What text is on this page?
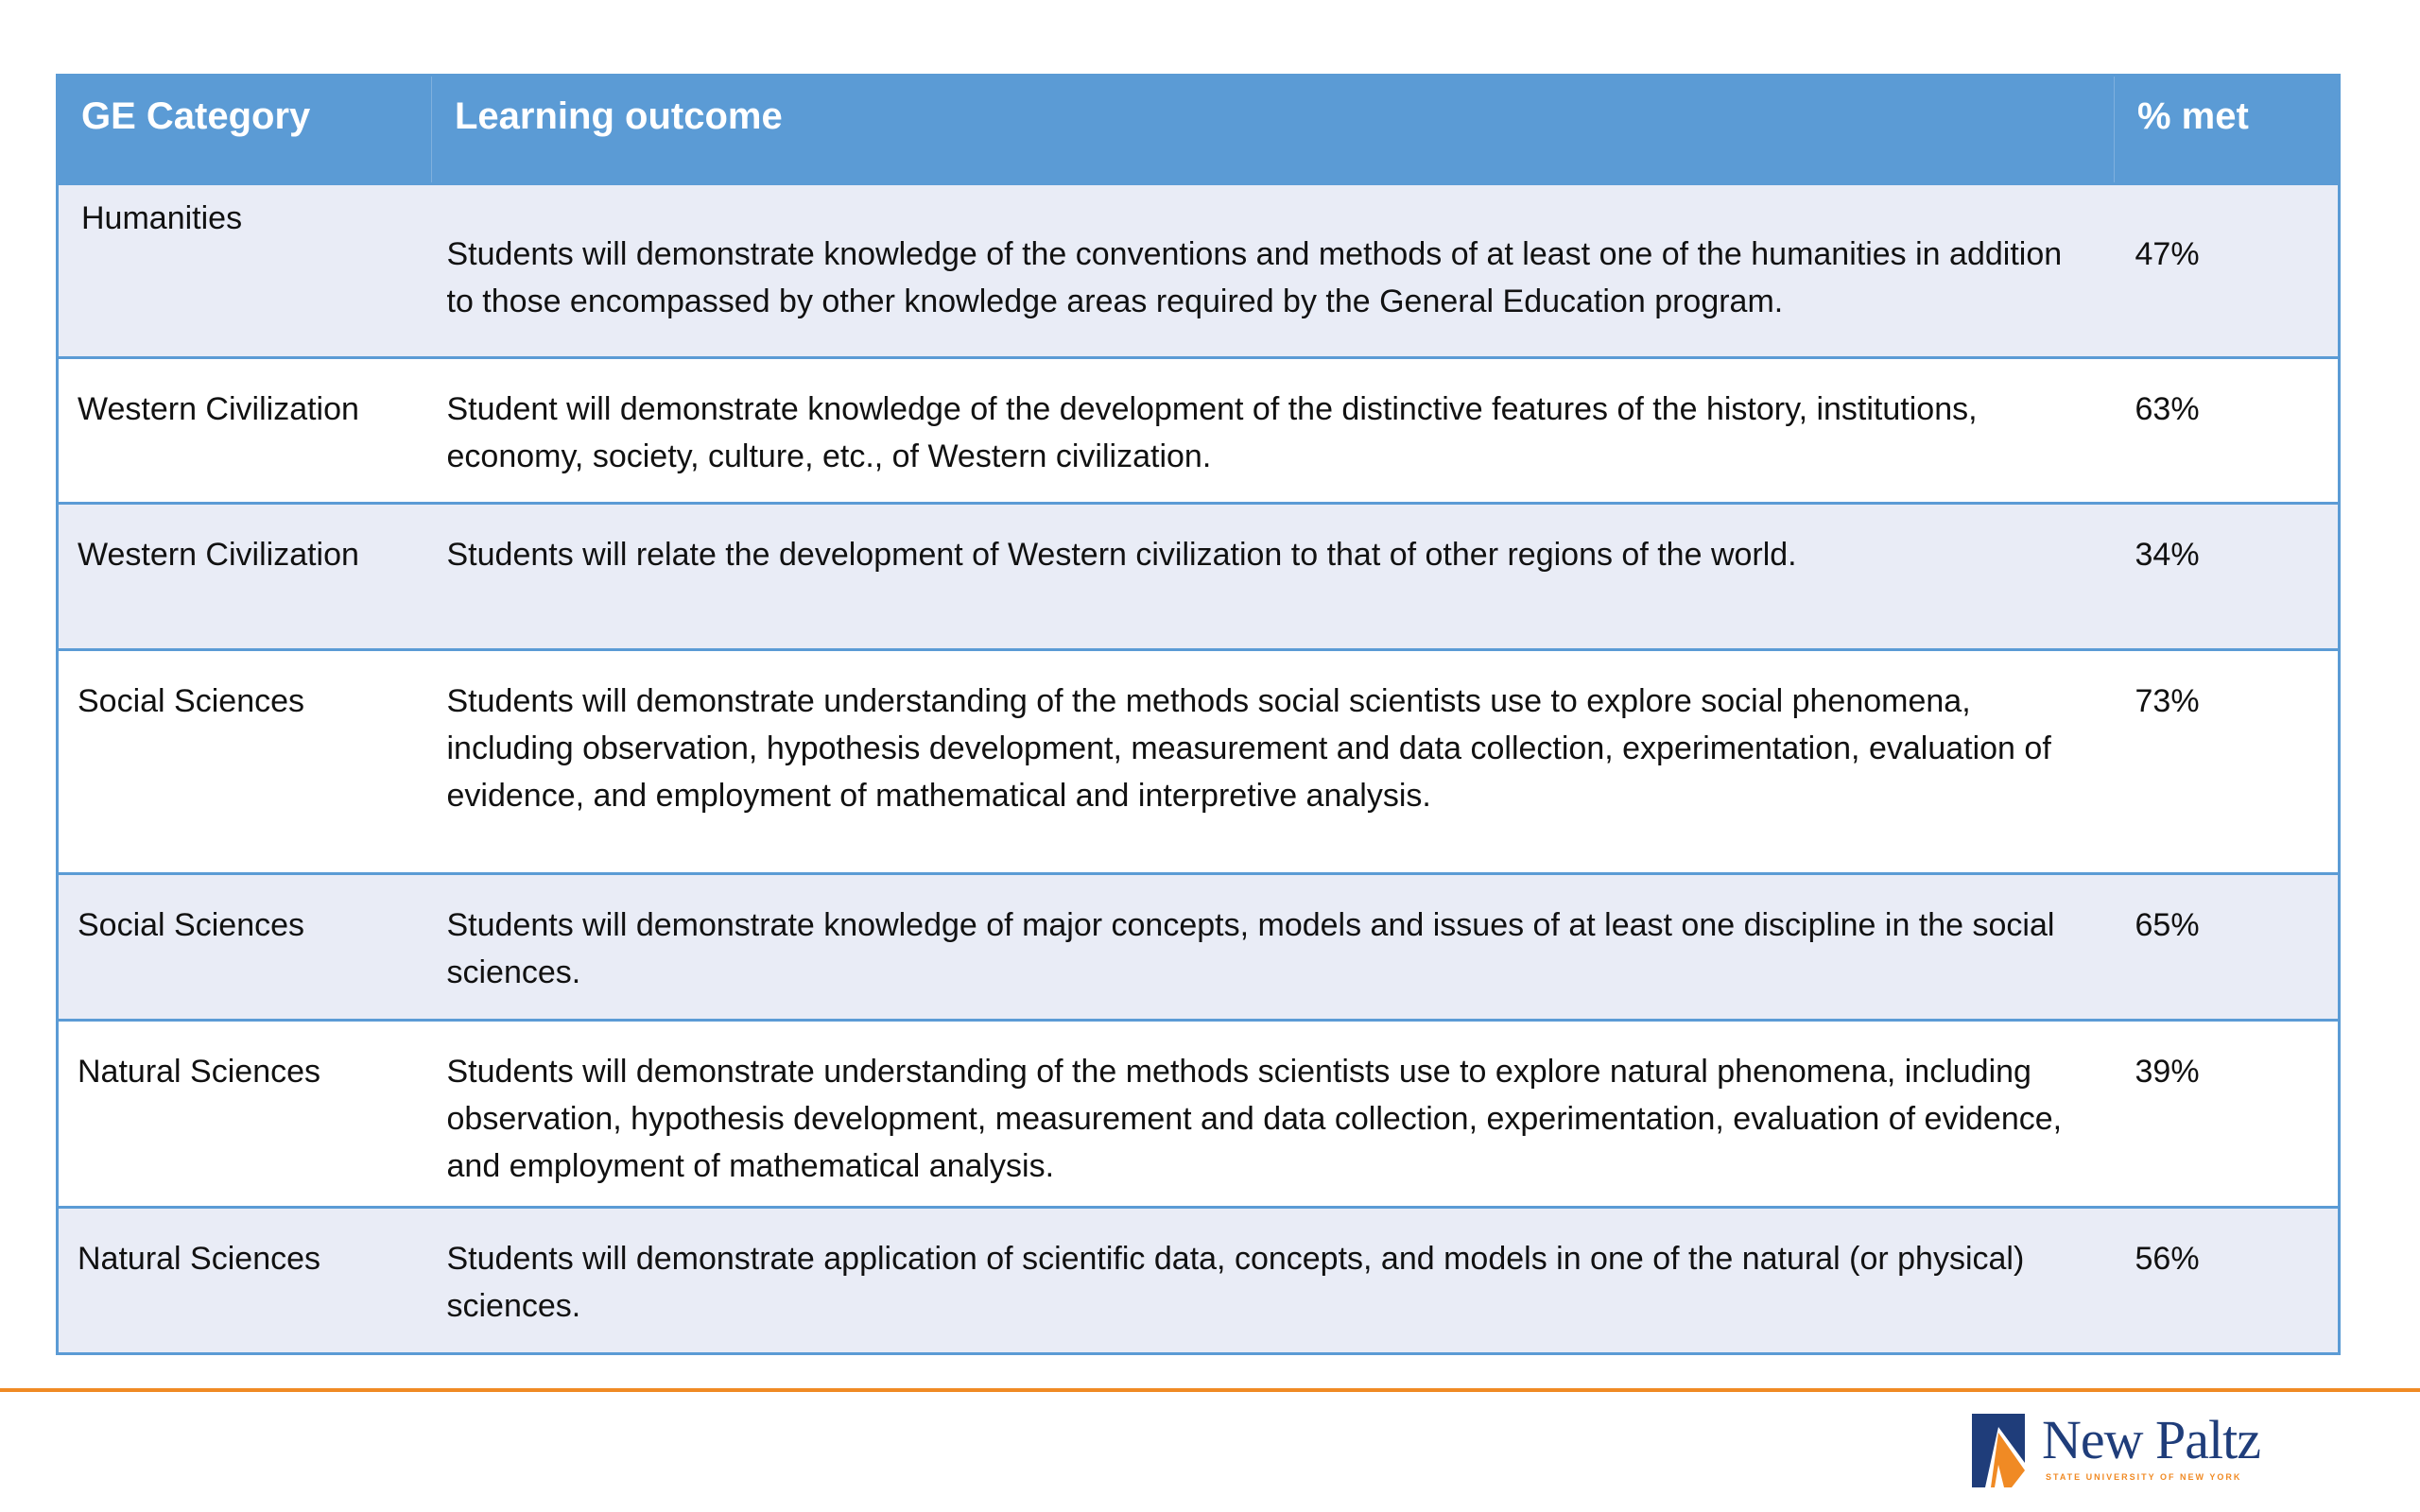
GE Category	Learning outcome	% met
Humanities	Students will demonstrate knowledge of the conventions and methods of at least one of the humanities in addition to those encompassed by other knowledge areas required by the General Education program.	47%
Western Civilization	Student will demonstrate knowledge of the development of the distinctive features of the history, institutions, economy, society, culture, etc., of Western civilization.	63%
Western Civilization	Students will relate the development of Western civilization to that of other regions of the world.	34%
Social Sciences	Students will demonstrate understanding of the methods social scientists use to explore social phenomena, including observation, hypothesis development, measurement and data collection, experimentation, evaluation of evidence, and employment of mathematical and interpretive analysis.	73%
Social Sciences	Students will demonstrate knowledge of major concepts, models and issues of at least one discipline in the social sciences.	65%
Natural Sciences	Students will demonstrate understanding of the methods scientists use to explore natural phenomena, including observation, hypothesis development, measurement and data collection, experimentation, evaluation of evidence, and employment of mathematical analysis.	39%
Natural Sciences	Students will demonstrate application of scientific data, concepts, and models in one of the natural (or physical) sciences.	56%
New Paltz
STATE UNIVERSITY OF NEW YORK
